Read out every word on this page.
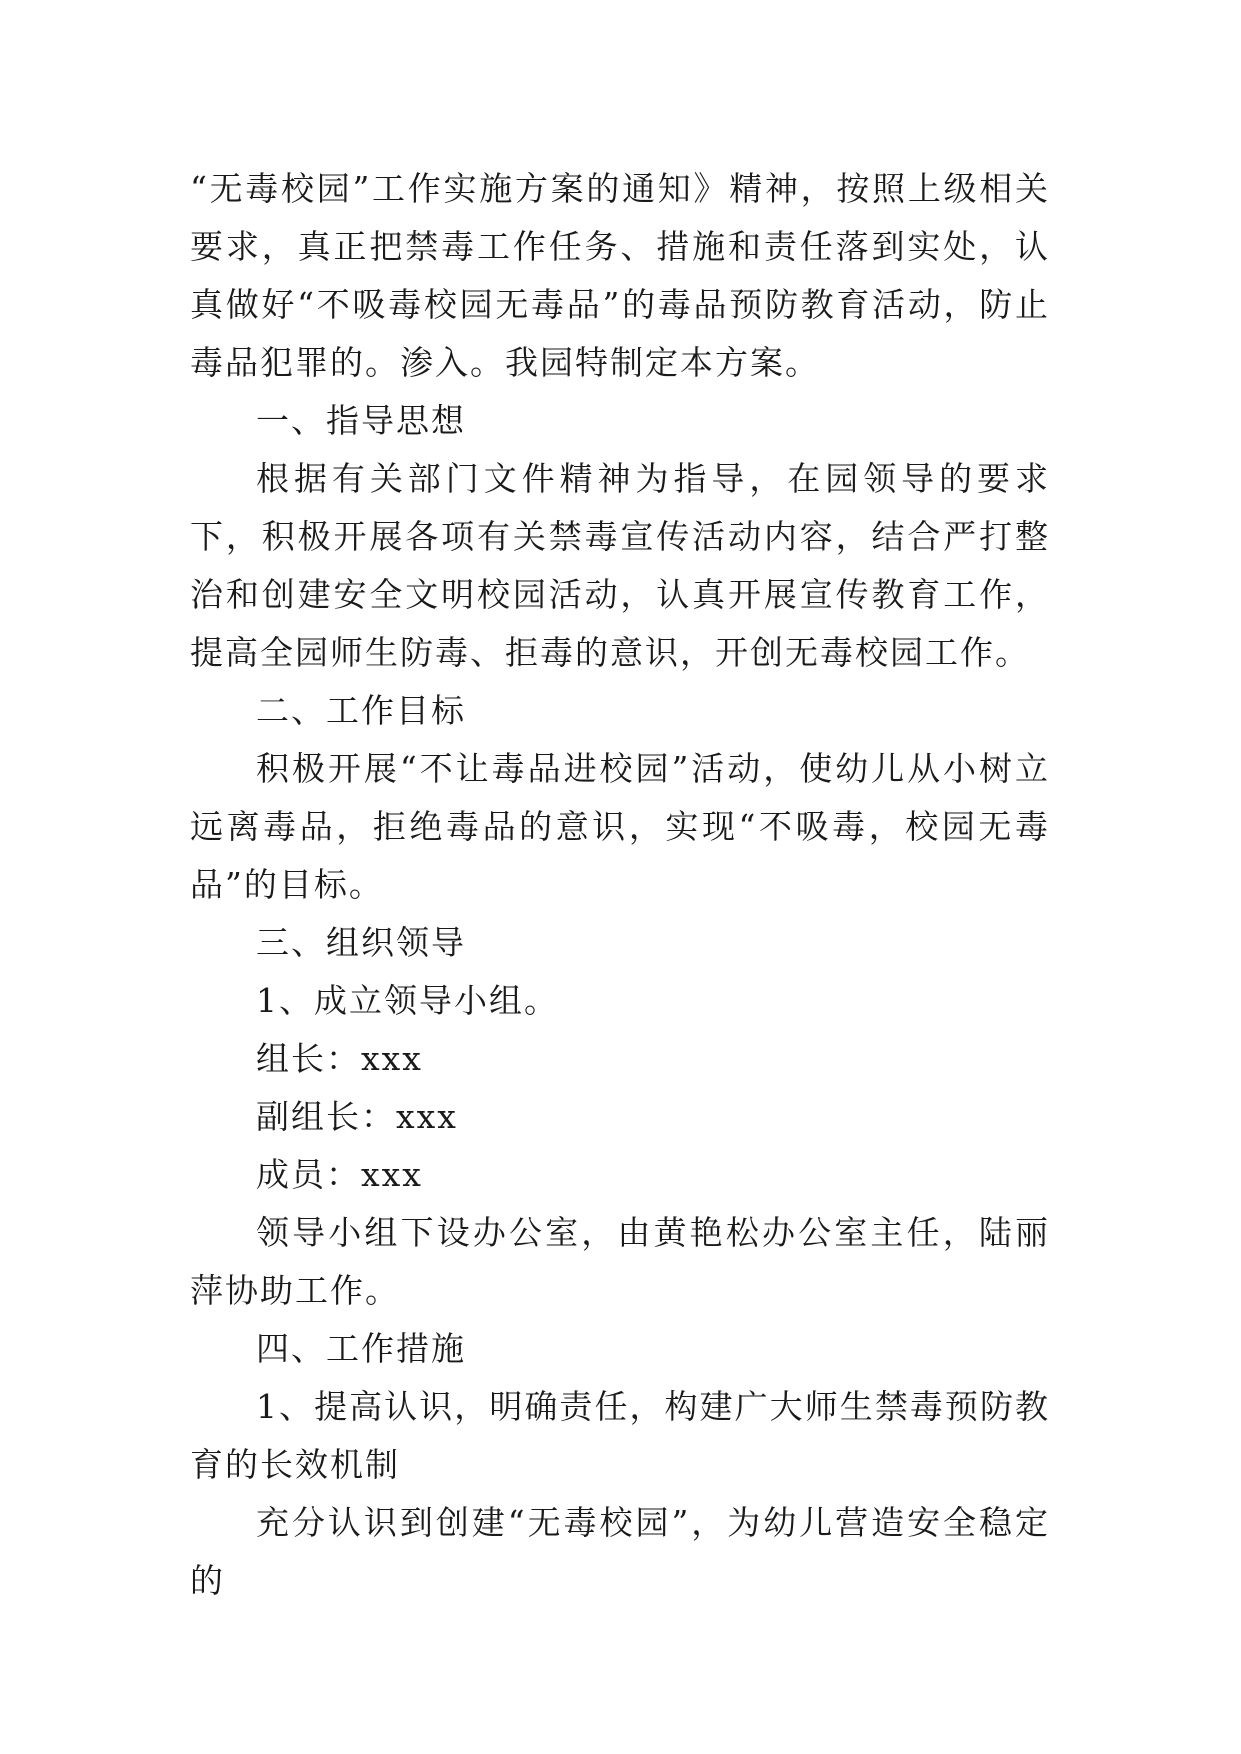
“无毒校园”工作实施方案的通知》精神，按照上级相关要求，真正把禁毒工作任务、措施和责任落到实处，认真做好“不吸毒校园无毒品”的毒品预防教育活动，防止毒品犯罪的。渗入。我园特制定本方案。

一、指导思想

根据有关部门文件精神为指导，在园领导的要求下，积极开展各项有关禁毒宣传活动内容，结合严打整治和创建安全文明校园活动，认真开展宣传教育工作，提高全园师生防毒、拒毒的意识，开创无毒校园工作。

二、工作目标

积极开展“不让毒品进校园”活动，使幼儿从小树立远离毒品，拒绝毒品的意识，实现“不吸毒，校园无毒品”的目标。

三、组织领导

1、成立领导小组。

组长：xxx

副组长：xxx

成员：xxx

领导小组下设办公室，由黄艳松办公室主任，陆丽萍协助工作。

四、工作措施

1、提高认识，明确责任，构建广大师生禁毒预防教育的长效机制

充分认识到创建“无毒校园”，为幼儿营造安全稳定的
